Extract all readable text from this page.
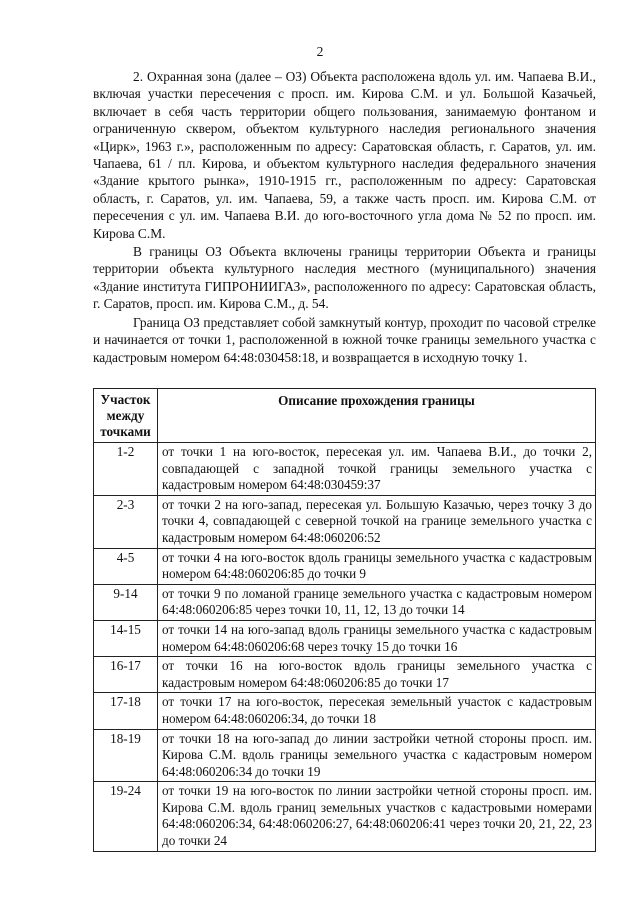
2

2. Охранная зона (далее – ОЗ) Объекта расположена вдоль ул. им. Чапаева В.И., включая участки пересечения с просп. им. Кирова С.М. и ул. Большой Казачьей, включает в себя часть территории общего пользования, занимаемую фонтаном и ограниченную сквером, объектом культурного наследия регионального значения «Цирк», 1963 г.», расположенным по адресу: Саратовская область, г. Саратов, ул. им. Чапаева, 61 / пл. Кирова, и объектом культурного наследия федерального значения «Здание крытого рынка», 1910-1915 гг., расположенным по адресу: Саратовская область, г. Саратов, ул. им. Чапаева, 59, а также часть просп. им. Кирова С.М. от пересечения с ул. им. Чапаева В.И. до юго-восточного угла дома № 52 по просп. им. Кирова С.М.

В границы ОЗ Объекта включены границы территории Объекта и границы территории объекта культурного наследия местного (муниципального) значения «Здание института ГИПРОНИИГАЗ», расположенного по адресу: Саратовская область, г. Саратов, просп. им. Кирова С.М., д. 54.

Граница ОЗ представляет собой замкнутый контур, проходит по часовой стрелке и начинается от точки 1, расположенной в южной точке границы земельного участка с кадастровым номером 64:48:030458:18, и возвращается в исходную точку 1.

Участок между точками	Описание прохождения границы
1-2	от точки 1 на юго-восток, пересекая ул. им. Чапаева В.И., до точки 2, совпадающей с западной точкой границы земельного участка с кадастровым номером 64:48:030459:37
2-3	от точки 2 на юго-запад, пересекая ул. Большую Казачью, через точку 3 до точки 4, совпадающей с северной точкой на границе земельного участка с кадастровым номером 64:48:060206:52
4-5	от точки 4 на юго-восток вдоль границы земельного участка с кадастровым номером 64:48:060206:85 до точки 9
9-14	от точки 9 по ломаной границе земельного участка с кадастровым номером 64:48:060206:85 через точки 10, 11, 12, 13 до точки 14
14-15	от точки 14 на юго-запад вдоль границы земельного участка с кадастровым номером 64:48:060206:68 через точку 15 до точки 16
16-17	от точки 16 на юго-восток вдоль границы земельного участка с кадастровым номером 64:48:060206:85 до точки 17
17-18	от точки 17 на юго-восток, пересекая земельный участок с кадастровым номером 64:48:060206:34, до точки 18
18-19	от точки 18 на юго-запад до линии застройки четной стороны просп. им. Кирова С.М. вдоль границы земельного участка с кадастровым номером 64:48:060206:34 до точки 19
19-24	от точки 19 на юго-восток по линии застройки четной стороны просп. им. Кирова С.М. вдоль границ земельных участков с кадастровыми номерами 64:48:060206:34, 64:48:060206:27, 64:48:060206:41 через точки 20, 21, 22, 23 до точки 24
